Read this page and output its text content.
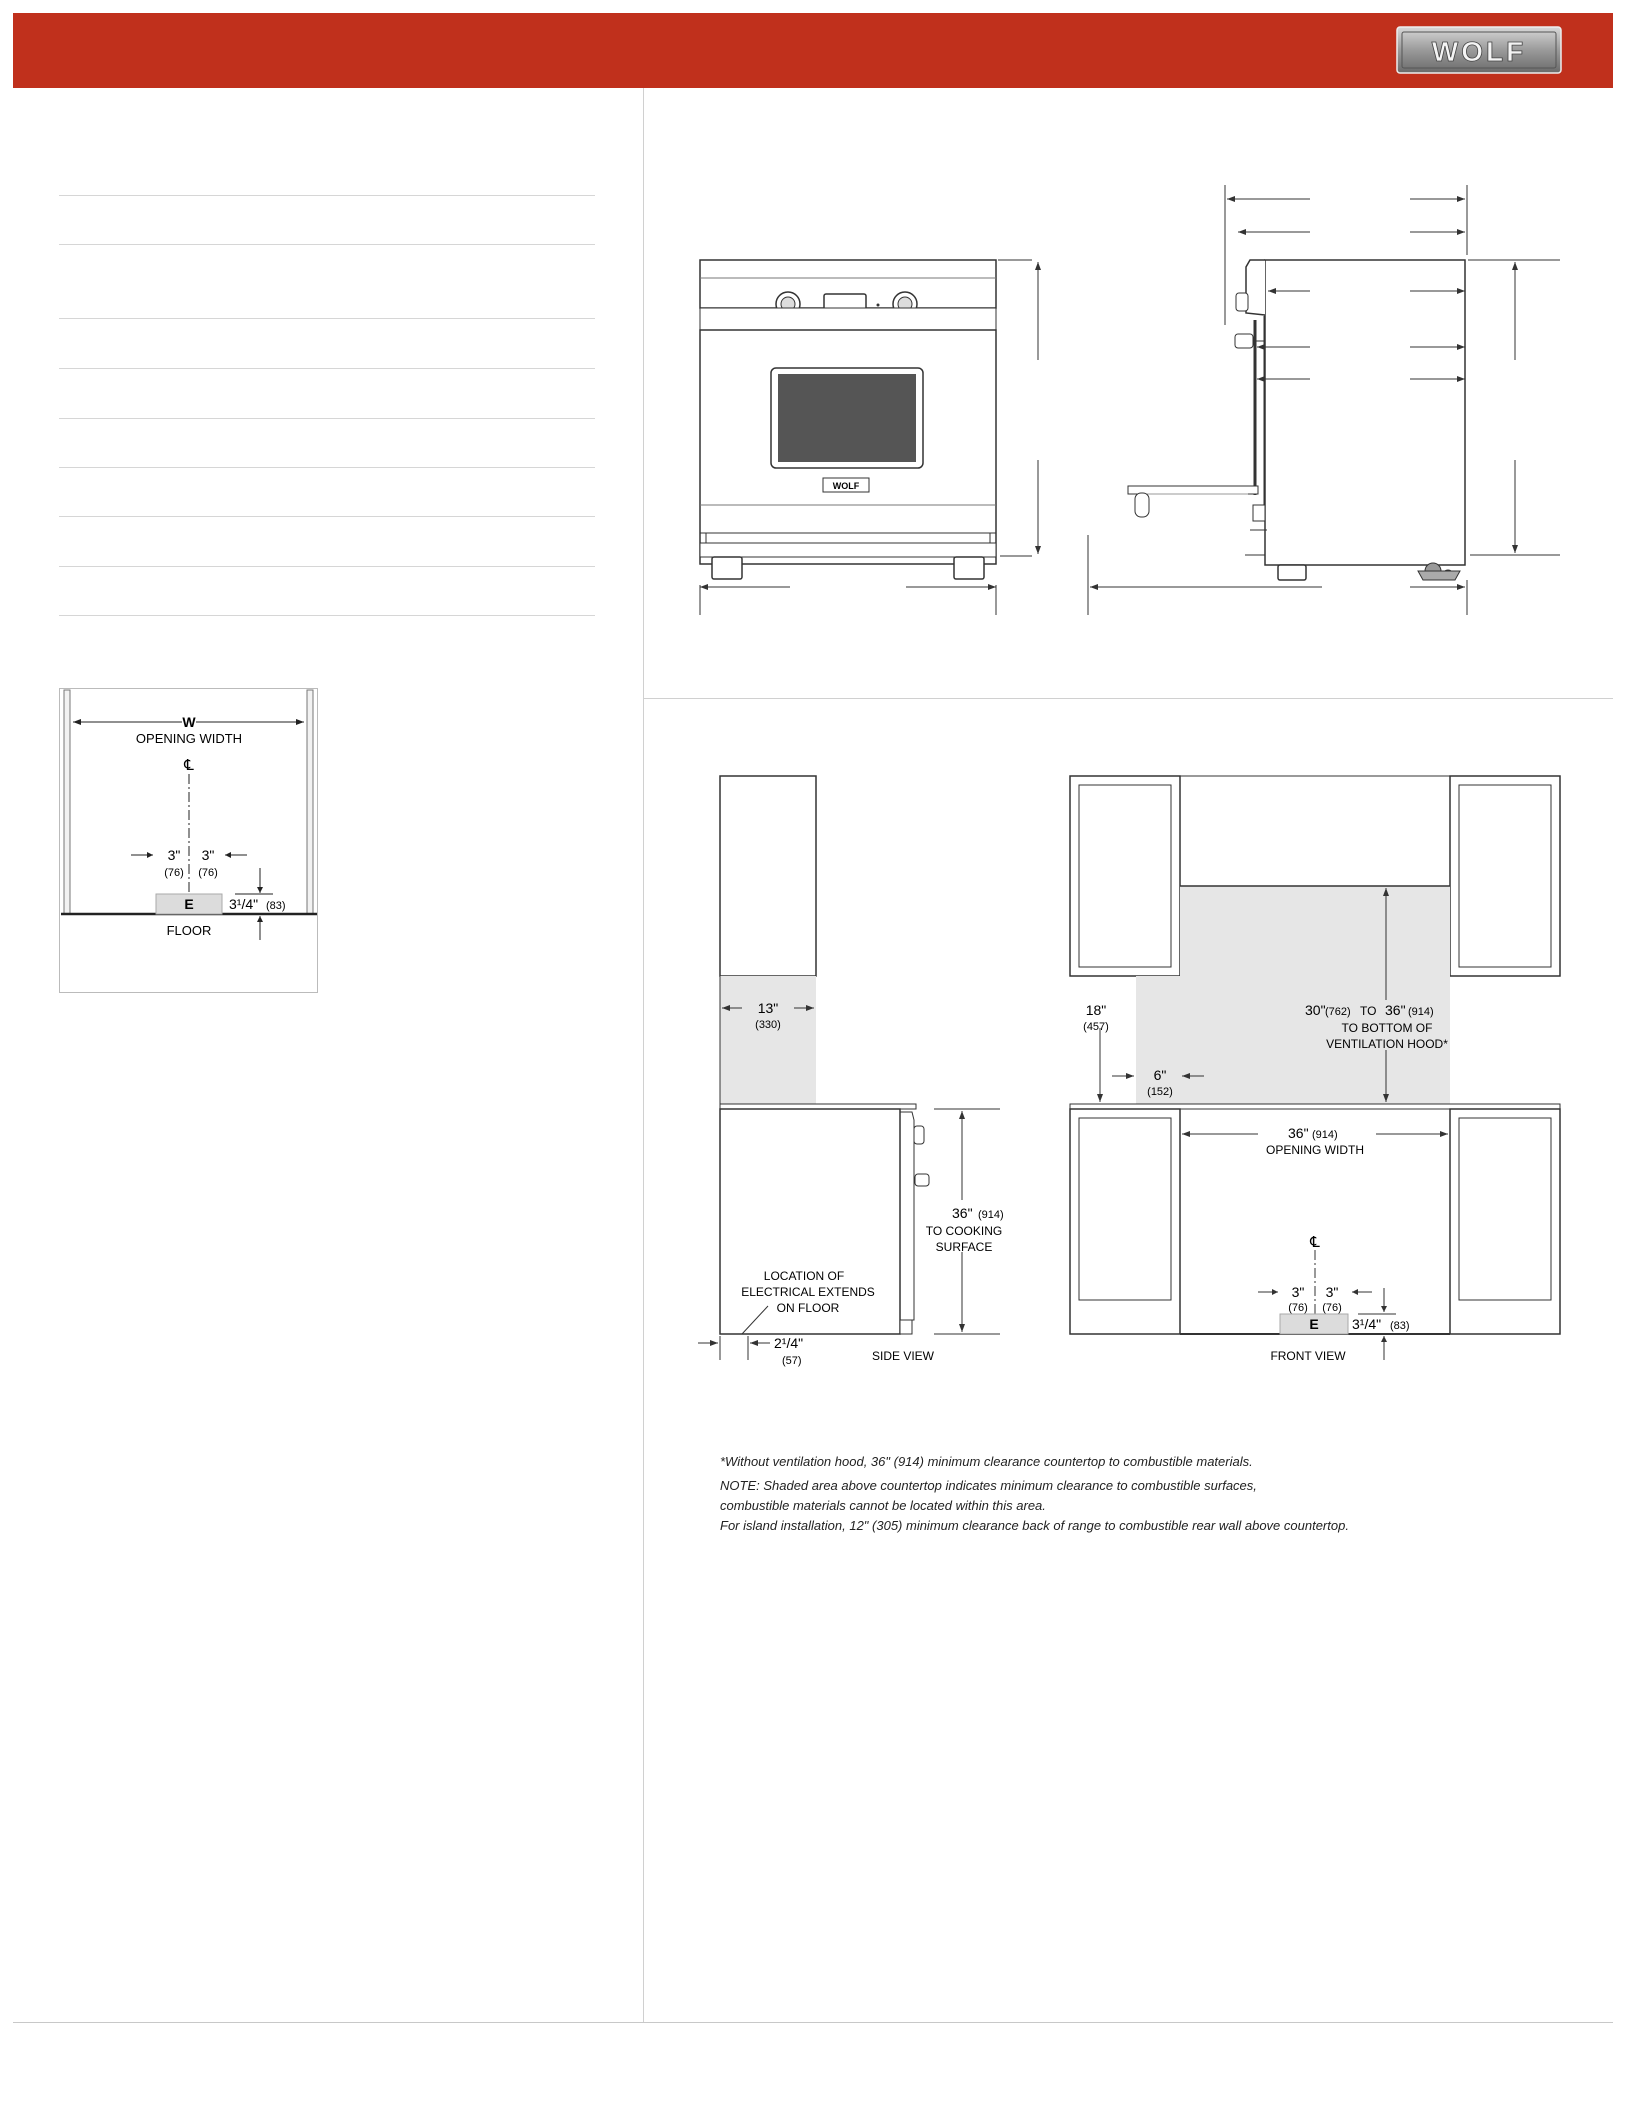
WOLF
W
OPENING WIDTH
℄
3"
(76)
3"
(76)
E	3¹/4" (83)
FLOOR
WOLF
13"
(330)
36" (914)
TO COOKING
SURFACE
LOCATION OF
ELECTRICAL EXTENDS
ON FLOOR
2¹/4"
(57)	SIDE VIEW
18"
(457)
6"
(152)
30" (762) TO 36" (914)
TO BOTTOM OF
VENTILATION HOOD*
36" (914)
OPENING WIDTH
℄
3"
(76)
3"
(76)
E 3¹/4" (83)
FRONT VIEW
*Without ventilation hood, 36" (914) minimum clearance countertop to combustible materials.
NOTE: Shaded area above countertop indicates minimum clearance to combustible surfaces,
combustible materials cannot be located within this area.
For island installation, 12" (305) minimum clearance back of range to combustible rear wall above countertop.
